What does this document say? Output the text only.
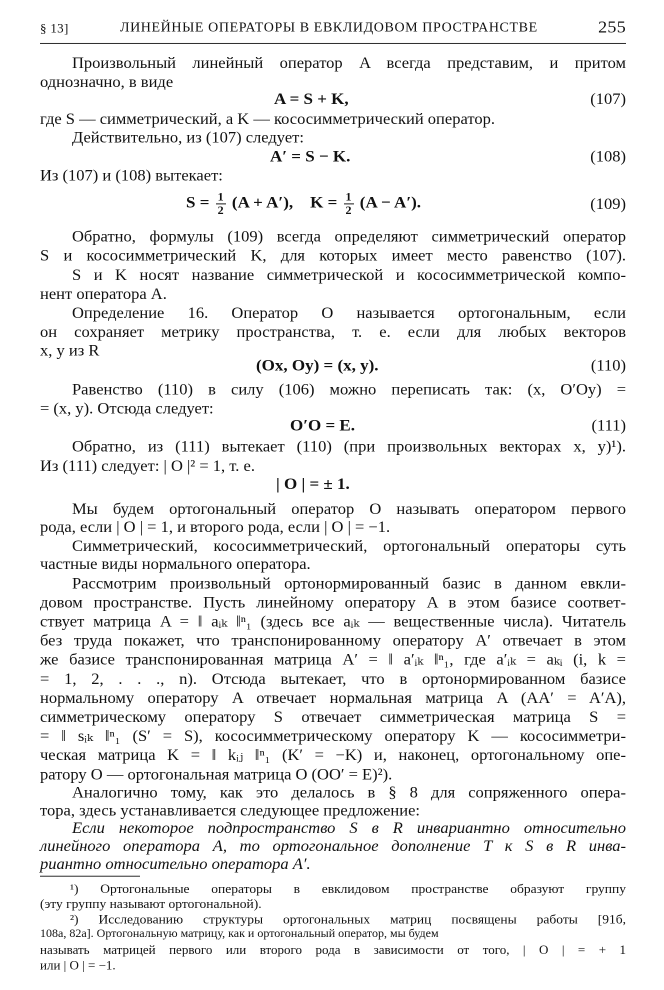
§ 13]	ЛИНЕЙНЫЕ ОПЕРАТОРЫ В ЕВКЛИДОВОМ ПРОСТРАНСТВЕ	255
Произвольный линейный оператор A всегда представим, и притом
однозначно, в виде
A = S + K,	(107)
где S — симметрический, а K — кососимметрический оператор.
Действительно, из (107) следует:
A′ = S − K.	(108)
Из (107) и (108) вытекает:
$S = \frac{1}{2} (A + A')$, $K = \frac{1}{2} (A - A')$.	(109)
Обратно, формулы (109) всегда определяют симметрический оператор
S и кососимметрический K, для которых имеет место равенство (107).
S и K носят название симметрической и кососимметрической компо-
нент оператора A.
Определение 16. Оператор O называется ортогональным, если
он сохраняет метрику пространства, т. е. если для любых векторов
x, y из R
(Ox, Oy) = (x, y).	(110)
Равенство (110) в силу (106) можно переписать так: (x, O′Oy) =
= (x, y). Отсюда следует:
O′O = E.	(111)
Обратно, из (111) вытекает (110) (при произвольных векторах x, y)¹).
Из (111) следует: | O |² = 1, т. е.
| O | = ± 1.
Мы будем ортогональный оператор O называть оператором первого
рода, если | O | = 1, и второго рода, если | O | = −1.
Симметрический, кососимметрический, ортогональный операторы суть
частные виды нормального оператора.
Рассмотрим произвольный ортонормированный базис в данном евкли-
довом пространстве. Пусть линейному оператору A в этом базисе соответ-
ствует матрица A = ‖ aᵢₖ ‖ⁿ₁ (здесь все aᵢₖ — вещественные числа). Читатель
без труда покажет, что транспонированному оператору A′ отвечает в этом
же базисе транспонированная матрица A′ = ‖ a′ᵢₖ ‖ⁿ₁, где a′ᵢₖ = aₖᵢ (i, k =
= 1, 2, . . ., n). Отсюда вытекает, что в ортонормированном базисе
нормальному оператору A отвечает нормальная матрица A (AA′ = A′A),
симметрическому оператору S отвечает симметрическая матрица S =
= ‖ sᵢₖ ‖ⁿ₁ (S′ = S), кососимметрическому оператору K — кососимметри-
ческая матрица K = ‖ kᵢⱼ ‖ⁿ₁ (K′ = −K) и, наконец, ортогональному опе-
ратору O — ортогональная матрица O (OO′ = E)²).
Аналогично тому, как это делалось в § 8 для сопряженного опера-
тора, здесь устанавливается следующее предложение:
Если некоторое подпространство S в R инвариантно относительно
линейного оператора A, то ортогональное дополнение T к S в R инва-
риантно относительно оператора A′.
¹) Ортогональные операторы в евклидовом пространстве образуют группу
(эту группу называют ортогональной).
²) Исследованию структуры ортогональных матриц посвящены работы [91б,
108а, 82а]. Ортогональную матрицу, как и ортогональный оператор, мы будем
называть матрицей первого или второго рода в зависимости от того, | O | = + 1
или | O | = −1.
